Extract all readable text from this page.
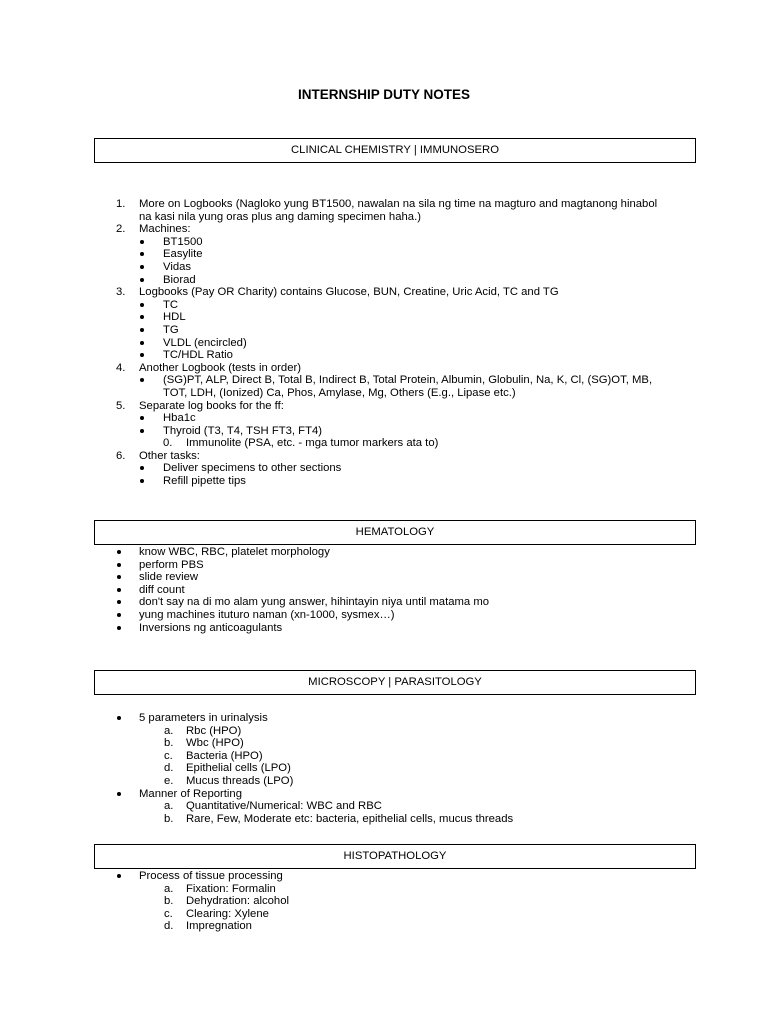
INTERNSHIP DUTY NOTES
CLINICAL CHEMISTRY | IMMUNOSERO
1. More on Logbooks (Nagloko yung BT1500, nawalan na sila ng time na magturo and magtanong hinabol
na kasi nila yung oras plus ang daming specimen haha.)
2. Machines:
BT1500
Easylite
Vidas
Biorad
3. Logbooks (Pay OR Charity) contains Glucose, BUN, Creatine, Uric Acid, TC and TG
TC
HDL
TG
VLDL (encircled)
TC/HDL Ratio
4. Another Logbook (tests in order)
(SG)PT, ALP, Direct B, Total B, Indirect B, Total Protein, Albumin, Globulin, Na, K, Cl, (SG)OT, MB,
TOT, LDH, (Ionized) Ca, Phos, Amylase, Mg, Others (E.g., Lipase etc.)
5. Separate log books for the ff:
Hba1c
Thyroid (T3, T4, TSH FT3, FT4)
0. Immunolite (PSA, etc. - mga tumor markers ata to)
6. Other tasks:
Deliver specimens to other sections
Refill pipette tips
HEMATOLOGY
know WBC, RBC, platelet morphology
perform PBS
slide review
diff count
don't say na di mo alam yung answer, hihintayin niya until matama mo
yung machines ituturo naman (xn-1000, sysmex…)
Inversions ng anticoagulants
MICROSCOPY | PARASITOLOGY
5 parameters in urinalysis
a. Rbc (HPO)
b. Wbc (HPO)
c. Bacteria (HPO)
d. Epithelial cells (LPO)
e. Mucus threads (LPO)
Manner of Reporting
a. Quantitative/Numerical: WBC and RBC
b. Rare, Few, Moderate etc: bacteria, epithelial cells, mucus threads
HISTOPATHOLOGY
Process of tissue processing
a. Fixation: Formalin
b. Dehydration: alcohol
c. Clearing: Xylene
d. Impregnation
